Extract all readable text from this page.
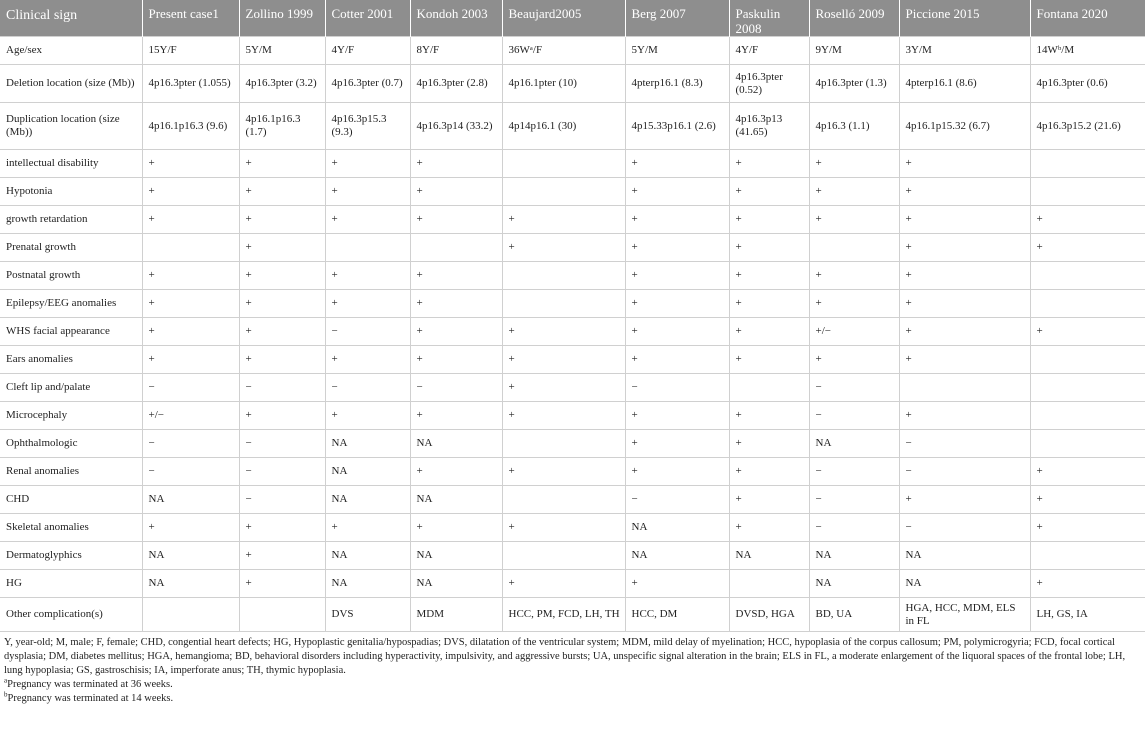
Clinical sign	Present case1	Zollino 1999	Cotter 2001	Kondoh 2003	Beaujard2005	Berg 2007	Paskulin 2008	Roselló 2009	Piccione 2015	Fontana 2020
Age/sex	15Y/F	5Y/M	4Y/F	8Y/F	36Wᵃ/F	5Y/M	4Y/F	9Y/M	3Y/M	14Wᵇ/M
Deletion location (size (Mb))	4p16.3pter (1.055)	4p16.3pter (3.2)	4p16.3pter (0.7)	4p16.3pter (2.8)	4p16.1pter (10)	4pterp16.1 (8.3)	4p16.3pter (0.52)	4p16.3pter (1.3)	4pterp16.1 (8.6)	4p16.3pter (0.6)
Duplication location (size (Mb))	4p16.1p16.3 (9.6)	4p16.1p16.3 (1.7)	4p16.3p15.3 (9.3)	4p16.3p14 (33.2)	4p14p16.1 (30)	4p15.33p16.1 (2.6)	4p16.3p13 (41.65)	4p16.3 (1.1)	4p16.1p15.32 (6.7)	4p16.3p15.2 (21.6)
intellectual disability	+	+	+	+		+	+	+	+	
Hypotonia	+	+	+	+		+	+	+	+	
growth retardation	+	+	+	+	+	+	+	+	+	+
Prenatal growth		+			+	+	+		+	+
Postnatal growth	+	+	+	+		+	+	+	+	
Epilepsy/EEG anomalies	+	+	+	+		+	+	+	+	
WHS facial appearance	+	+	−	+	+	+	+	+/−	+	+
Ears anomalies	+	+	+	+	+	+	+	+	+	
Cleft lip and/palate	−	−	−	−	+	−		−		
Microcephaly	+/−	+	+	+	+	+	+	−	+	
Ophthalmologic	−	−	NA	NA		+	+	NA	−	
Renal anomalies	−	−	NA	+	+	+	+	−	−	+
CHD	NA	−	NA	NA		−	+	−	+	+
Skeletal anomalies	+	+	+	+	+	NA	+	−	−	+
Dermatoglyphics	NA	+	NA	NA		NA	NA	NA	NA	
HG	NA	+	NA	NA	+	+		NA	NA	+
Other complication(s)			DVS	MDM	HCC, PM, FCD, LH, TH	HCC, DM	DVSD, HGA	BD, UA	HGA, HCC, MDM, ELS in FL	LH, GS, IA

Y, year-old; M, male; F, female; CHD, congential heart defects; HG, Hypoplastic genitalia/hypospadias; DVS, dilatation of the ventricular system; MDM, mild delay of myelination; HCC, hypoplasia of the corpus callosum; PM, polymicrogyria; FCD, focal cortical dysplasia; DM, diabetes mellitus; HGA, hemangioma; BD, behavioral disorders including hyperactivity, impulsivity, and aggressive bursts; UA, unspecific signal alteration in the brain; ELS in FL, a moderate enlargement of the liquoral spaces of the frontal lobe; LH, lung hypoplasia; GS, gastroschisis; IA, imperforate anus; TH, thymic hypoplasia.

$^a$Pregnancy was terminated at 36 weeks.

$^b$Pregnancy was terminated at 14 weeks.
